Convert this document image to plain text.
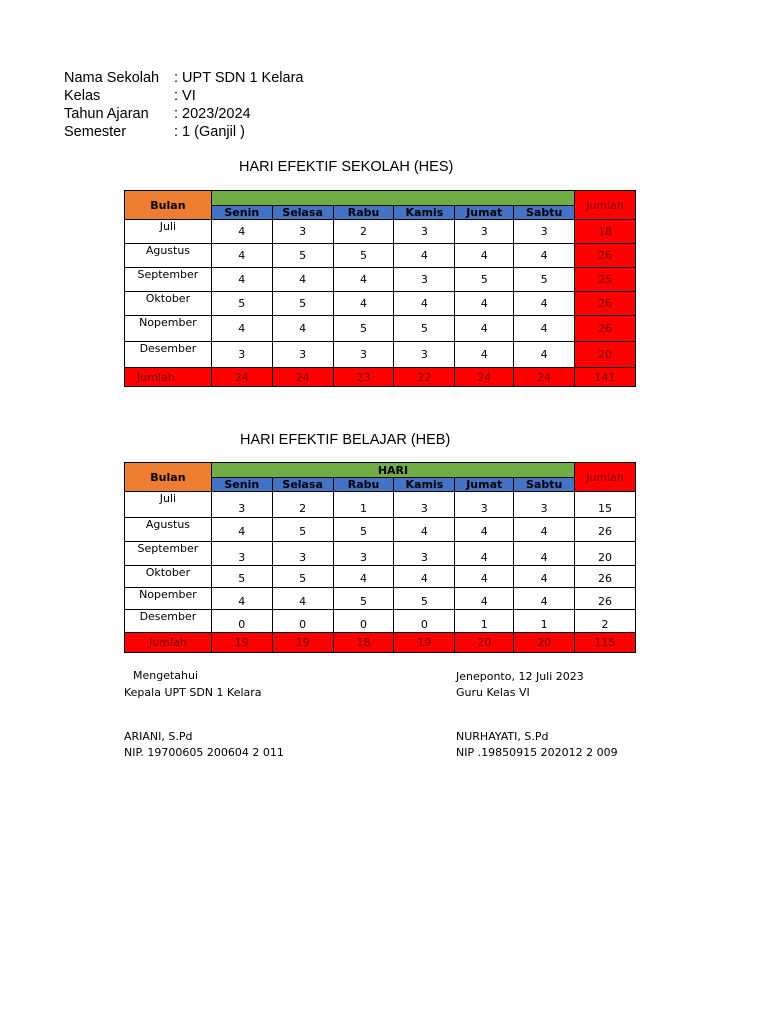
Nama Sekolah	: UPT SDN 1 Kelara
Kelas	: VI
Tahun Ajaran	: 2023/2024
Semester	: 1 (Ganjil )
HARI EFEKTIF SEKOLAH (HES)
Bulan							Jumlah
	Senin	Selasa	Rabu	Kamis	Jumat	Sabtu	
Juli	4	3	2	3	3	3	18
Agustus	4	5	5	4	4	4	26
September	4	4	4	3	5	5	25
Oktober	5	5	4	4	4	4	26
Nopember	4	4	5	5	4	4	26
Desember	3	3	3	3	4	4	20
Jumlah	24	24	23	22	24	24	141
HARI EFEKTIF BELAJAR (HEB)
Bulan	HARI						Jumlah
	Senin	Selasa	Rabu	Kamis	Jumat	Sabtu	
Juli	3	2	1	3	3	3	15
Agustus	4	5	5	4	4	4	26
September	3	3	3	3	4	4	20
Oktober	5	5	4	4	4	4	26
Nopember	4	4	5	5	4	4	26
Desember	0	0	0	0	1	1	2
Jumlah	19	19	18	19	20	20	115
Mengetahui
Kepala UPT SDN 1 Kelara
ARIANI, S.Pd
NIP. 19700605 200604 2 011
Jeneponto, 12 Juli 2023
Guru Kelas VI
NURHAYATI, S.Pd
NIP .19850915 202012 2 009
